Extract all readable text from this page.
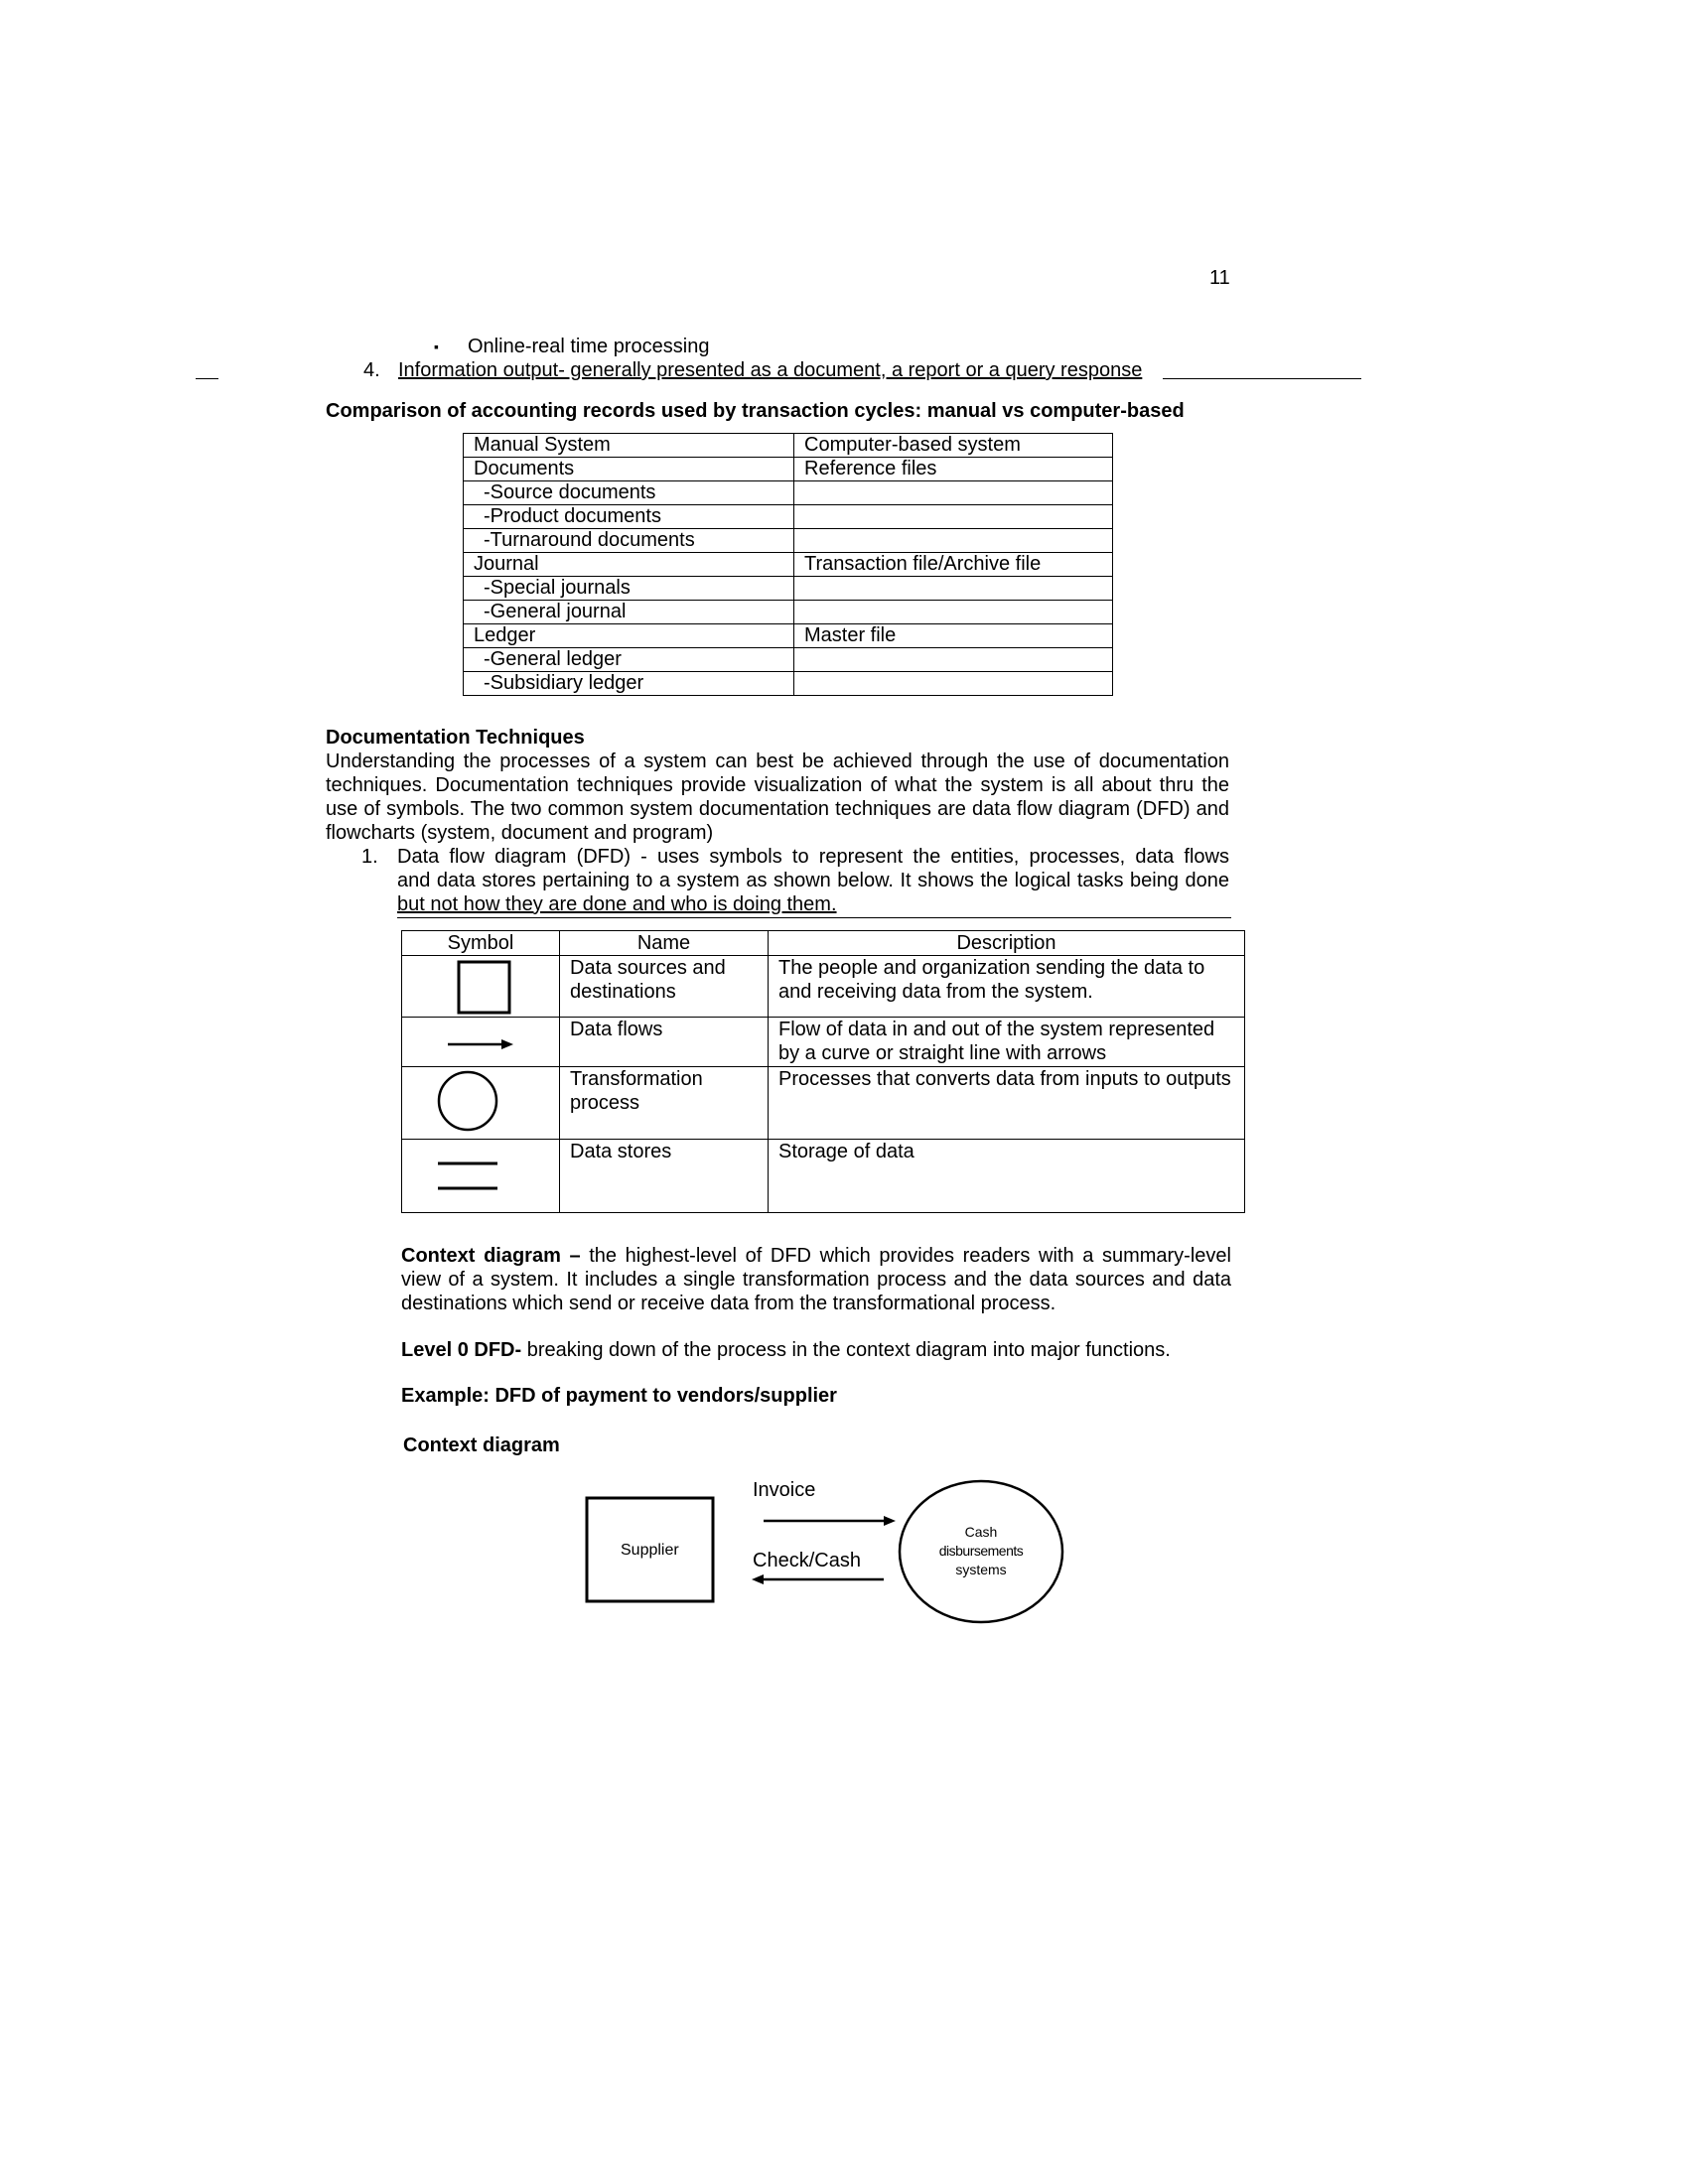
11
▪ Online-real time processing
4. Information output- generally presented as a document, a report or a query response
Comparison of accounting records used by transaction cycles: manual vs computer-based
Manual System	Computer-based system
Documents	Reference files
-Source documents	
-Product documents	
-Turnaround documents	
Journal	Transaction file/Archive file
-Special journals	
-General journal	
Ledger	Master file
-General ledger	
-Subsidiary ledger	
Documentation Techniques
Understanding the processes of a system can best be achieved through the use of documentation
techniques. Documentation techniques provide visualization of what the system is all about thru the
use of symbols. The two common system documentation techniques are data flow diagram (DFD) and
flowcharts (system, document and program)
1. Data flow diagram (DFD) - uses symbols to represent the entities, processes, data flows
and data stores pertaining to a system as shown below. It shows the logical tasks being done
but not how they are done and who is doing them.
Symbol	Name	Description

	Data sources and destinations	The people and organization sending the data to and receiving data from the system.

	Data flows	Flow of data in and out of the system represented by a curve or straight line with arrows

	Transformation process	Processes that converts data from inputs to outputs

	Data stores	Storage of data
Context diagram – the highest-level of DFD which provides readers with a summary-level
view of a system. It includes a single transformation process and the data sources and data
destinations which send or receive data from the transformational process.
Level 0 DFD- breaking down of the process in the context diagram into major functions.
Example: DFD of payment to vendors/supplier
Context diagram
Supplier
Invoice
Check/Cash
Cash
disbursements
systems
